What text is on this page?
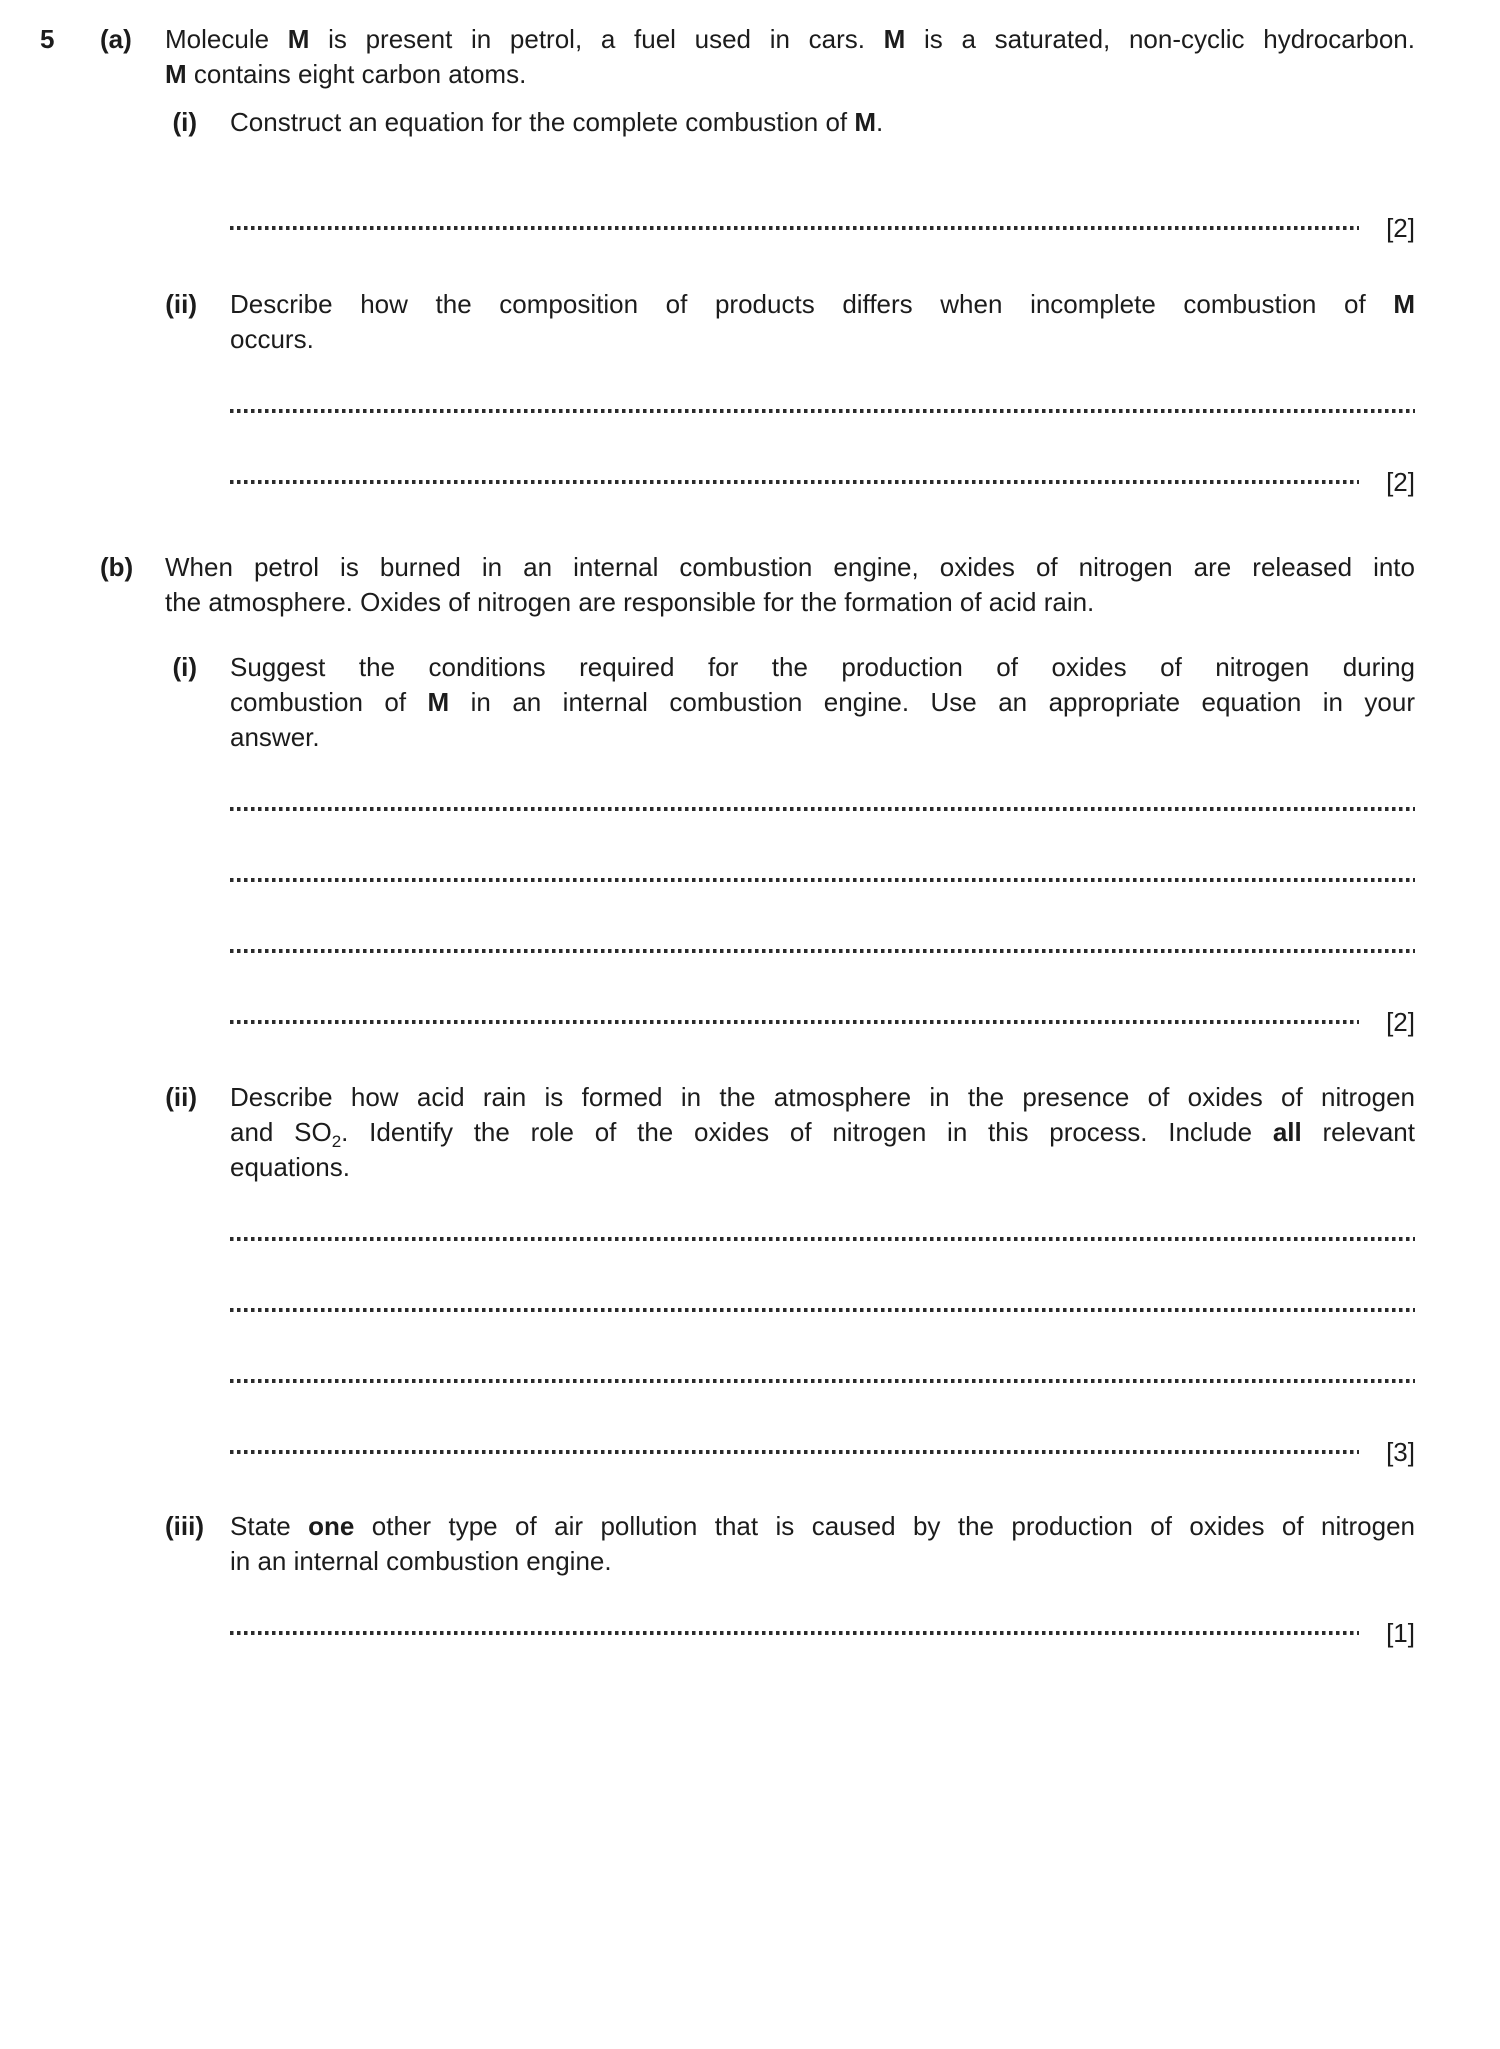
5	(a)	Molecule M is present in petrol, a fuel used in cars. M is a saturated, non-cyclic hydrocarbon.
M contains eight carbon atoms.

(i)	Construct an equation for the complete combustion of M.

[2]
(ii)	Describe how the composition of products differs when incomplete combustion of M
occurs.

[2]
(b)	When petrol is burned in an internal combustion engine, oxides of nitrogen are released into
the atmosphere. Oxides of nitrogen are responsible for the formation of acid rain.

(i)	Suggest the conditions required for the production of oxides of nitrogen during
combustion of M in an internal combustion engine. Use an appropriate equation in your
answer.

[2]
(ii)	Describe how acid rain is formed in the atmosphere in the presence of oxides of nitrogen
and $SO_2$. Identify the role of the oxides of nitrogen in this process. Include all relevant
equations.

[3]
(iii)	State one other type of air pollution that is caused by the production of oxides of nitrogen
in an internal combustion engine.

[1]
